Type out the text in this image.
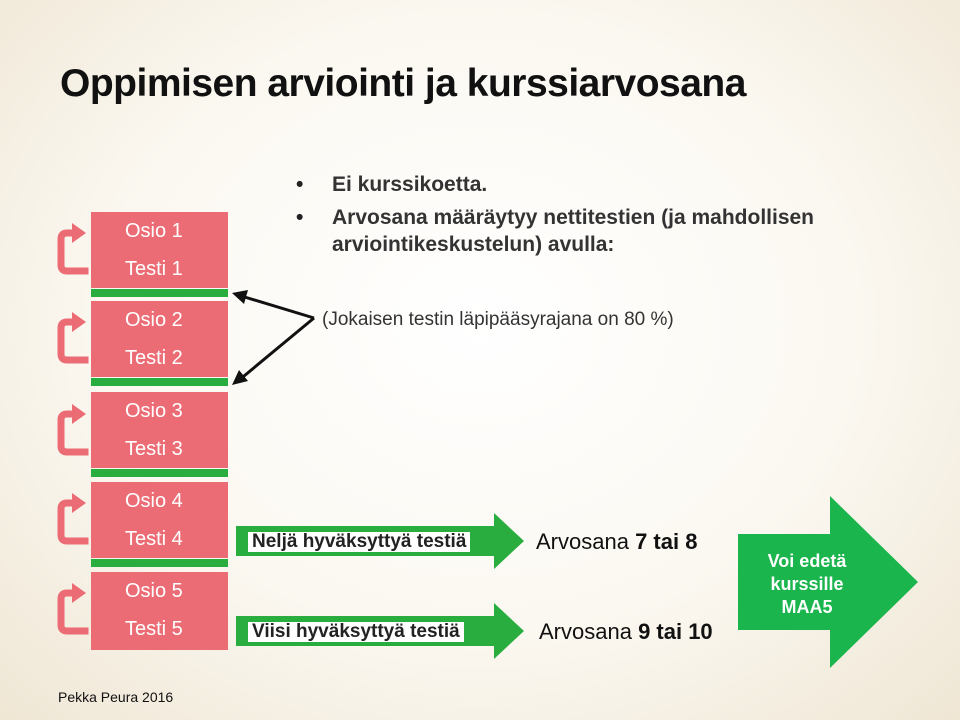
Oppimisen arviointi ja kurssiarvosana
Osio 1
Testi 1
Osio 2
Testi 2
Osio 3
Testi 3
Osio 4
Testi 4
Osio 5
Testi 5
• Ei kurssikoetta.
• Arvosana määräytyy nettitestien (ja mahdollisen arviointikeskustelun) avulla:
(Jokaisen testin läpipääsyrajana on 80 %)
Neljä hyväksyttyä testiä
Viisi hyväksyttyä testiä
Arvosana 7 tai 8
Arvosana 9 tai 10
Voi edetä kurssille MAA5
Pekka Peura 2016
